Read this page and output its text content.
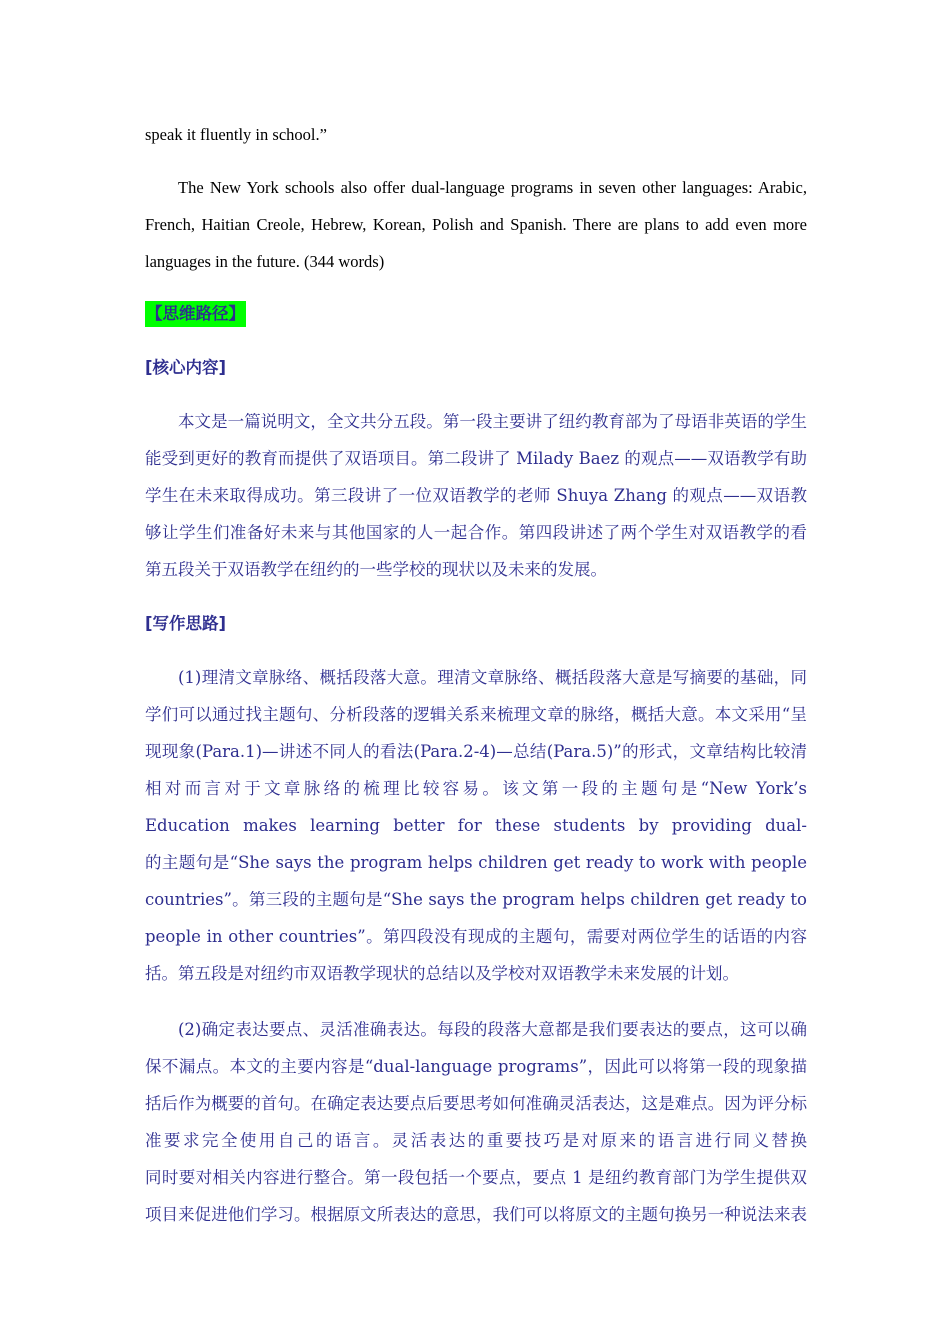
speak it fluently in school.”
The New York schools also offer dual-language programs in seven other languages: Arabic,
French, Haitian Creole, Hebrew, Korean, Polish and Spanish. There are plans to add even more
languages in the future. (344 words)
【思维路径】
[核心内容]
本文是一篇说明文，全文共分五段。第一段主要讲了纽约教育部为了母语非英语的学生
能受到更好的教育而提供了双语项目。第二段讲了 Milady Baez 的观点——双语教学有助
学生在未来取得成功。第三段讲了一位双语教学的老师 Shuya Zhang 的观点——双语教
够让学生们准备好未来与其他国家的人一起合作。第四段讲述了两个学生对双语教学的看
第五段关于双语教学在纽约的一些学校的现状以及未来的发展。
[写作思路]
(1)理清文章脉络、概括段落大意。理清文章脉络、概括段落大意是写摘要的基础，同
学们可以通过找主题句、分析段落的逻辑关系来梳理文章的脉络，概括大意。本文采用“呈
现现象(Para.1)—讲述不同人的看法(Para.2-4)—总结(Para.5)”的形式，文章结构比较清
相对而言对于文章脉络的梳理比较容易。该文第一段的主题句是“New York’s
Education makes learning better for these students by providing dual-
的主题句是“She says the program helps children get ready to work with people
countries”。第三段的主题句是“She says the program helps children get ready to
people in other countries”。第四段没有现成的主题句，需要对两位学生的话语的内容
括。第五段是对纽约市双语教学现状的总结以及学校对双语教学未来发展的计划。
(2)确定表达要点、灵活准确表达。每段的段落大意都是我们要表达的要点，这可以确
保不漏点。本文的主要内容是“dual-language programs”，因此可以将第一段的现象描
括后作为概要的首句。在确定表达要点后要思考如何准确灵活表达，这是难点。因为评分标
准要求完全使用自己的语言。灵活表达的重要技巧是对原来的语言进行同义替换
同时要对相关内容进行整合。第一段包括一个要点，要点 1 是纽约教育部门为学生提供双
项目来促进他们学习。根据原文所表达的意思，我们可以将原文的主题句换另一种说法来表
